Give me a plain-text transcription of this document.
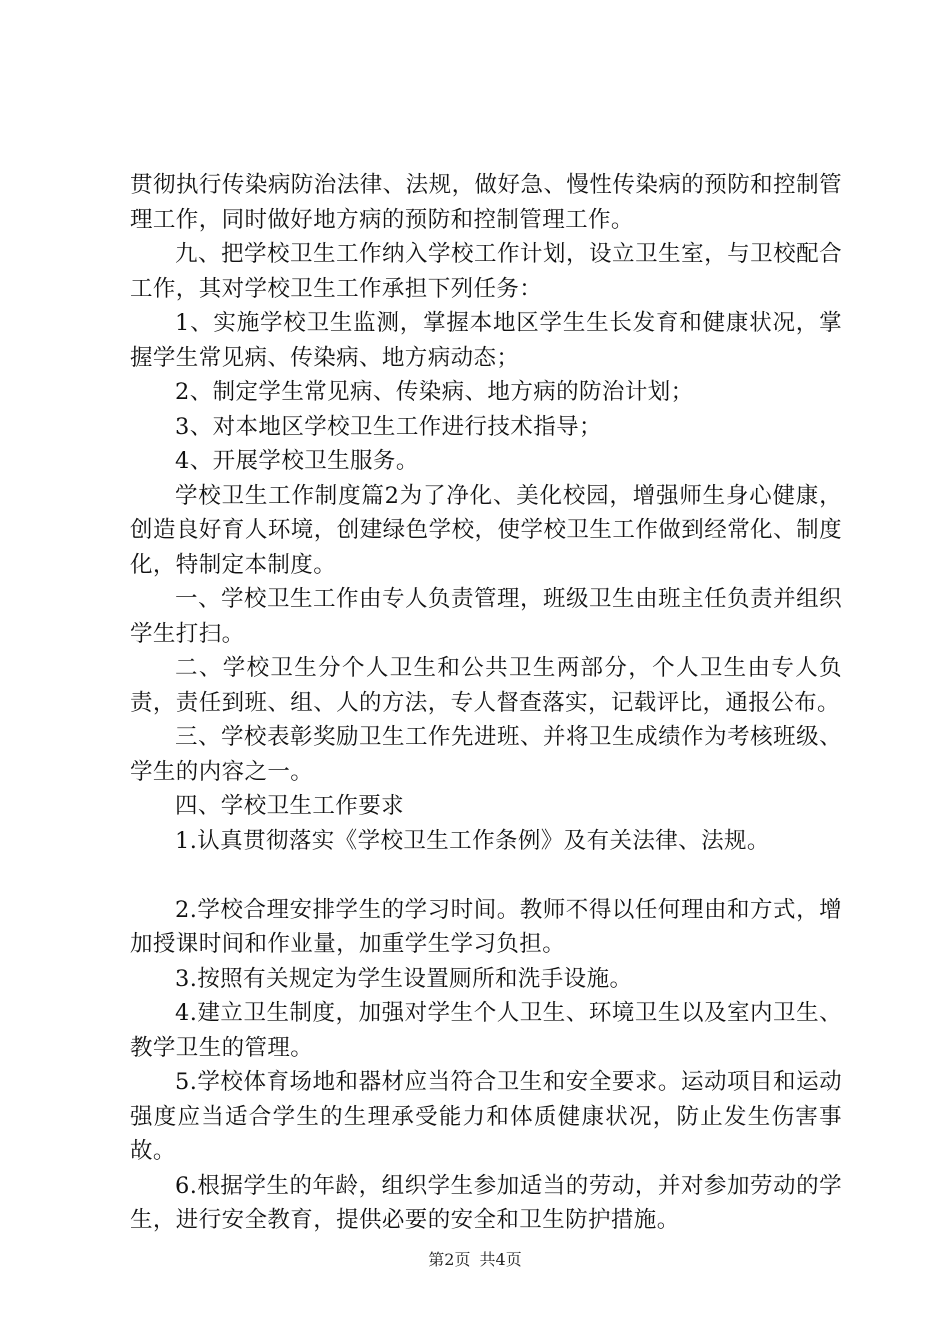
贯彻执行传染病防治法律、法规，做好急、慢性传染病的预防和控制管理工作，同时做好地方病的预防和控制管理工作。

九、把学校卫生工作纳入学校工作计划，设立卫生室，与卫校配合工作，其对学校卫生工作承担下列任务：

1、实施学校卫生监测，掌握本地区学生生长发育和健康状况，掌握学生常见病、传染病、地方病动态；

2、制定学生常见病、传染病、地方病的防治计划；

3、对本地区学校卫生工作进行技术指导；

4、开展学校卫生服务。

学校卫生工作制度篇2为了净化、美化校园，增强师生身心健康，创造良好育人环境，创建绿色学校，使学校卫生工作做到经常化、制度化，特制定本制度。

一、学校卫生工作由专人负责管理，班级卫生由班主任负责并组织学生打扫。

二、学校卫生分个人卫生和公共卫生两部分，个人卫生由专人负责，责任到班、组、人的方法，专人督查落实，记载评比，通报公布。

三、学校表彰奖励卫生工作先进班、并将卫生成绩作为考核班级、学生的内容之一。

四、学校卫生工作要求

1.认真贯彻落实《学校卫生工作条例》及有关法律、法规。

2.学校合理安排学生的学习时间。教师不得以任何理由和方式，增加授课时间和作业量，加重学生学习负担。

3.按照有关规定为学生设置厕所和洗手设施。

4.建立卫生制度，加强对学生个人卫生、环境卫生以及室内卫生、教学卫生的管理。

5.学校体育场地和器材应当符合卫生和安全要求。运动项目和运动强度应当适合学生的生理承受能力和体质健康状况，防止发生伤害事故。

6.根据学生的年龄，组织学生参加适当的劳动，并对参加劳动的学生，进行安全教育，提供必要的安全和卫生防护措施。

第2页 共4页
